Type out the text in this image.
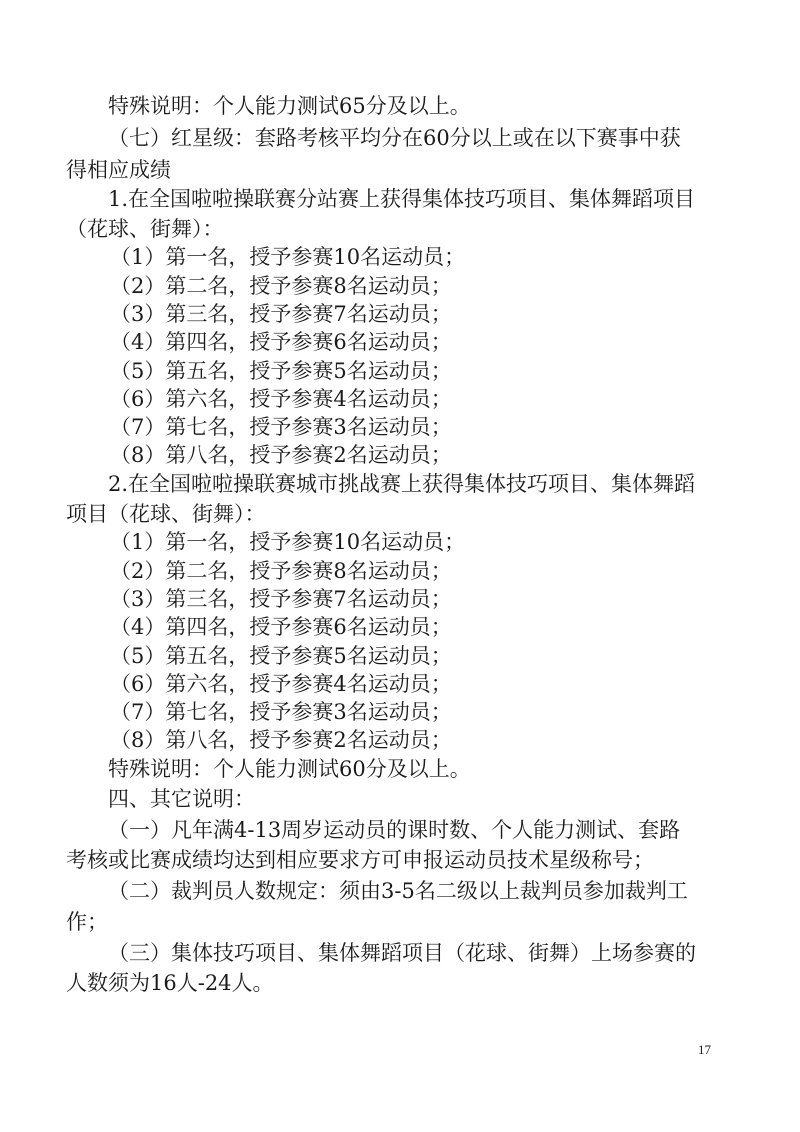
特殊说明：个人能力测试65分及以上。
（七）红星级：套路考核平均分在60分以上或在以下赛事中获
得相应成绩
1.在全国啦啦操联赛分站赛上获得集体技巧项目、集体舞蹈项目
（花球、街舞）：
（1）第一名，授予参赛10名运动员；
（2）第二名，授予参赛8名运动员；
（3）第三名，授予参赛7名运动员；
（4）第四名，授予参赛6名运动员；
（5）第五名，授予参赛5名运动员；
（6）第六名，授予参赛4名运动员；
（7）第七名，授予参赛3名运动员；
（8）第八名，授予参赛2名运动员；
2.在全国啦啦操联赛城市挑战赛上获得集体技巧项目、集体舞蹈
项目（花球、街舞）：
（1）第一名，授予参赛10名运动员；
（2）第二名，授予参赛8名运动员；
（3）第三名，授予参赛7名运动员；
（4）第四名，授予参赛6名运动员；
（5）第五名，授予参赛5名运动员；
（6）第六名，授予参赛4名运动员；
（7）第七名，授予参赛3名运动员；
（8）第八名，授予参赛2名运动员；
特殊说明：个人能力测试60分及以上。
四、其它说明：
（一）凡年满4-13周岁运动员的课时数、个人能力测试、套路
考核或比赛成绩均达到相应要求方可申报运动员技术星级称号；
（二）裁判员人数规定：须由3-5名二级以上裁判员参加裁判工
作；
（三）集体技巧项目、集体舞蹈项目（花球、街舞）上场参赛的
人数须为16人-24人。
17
